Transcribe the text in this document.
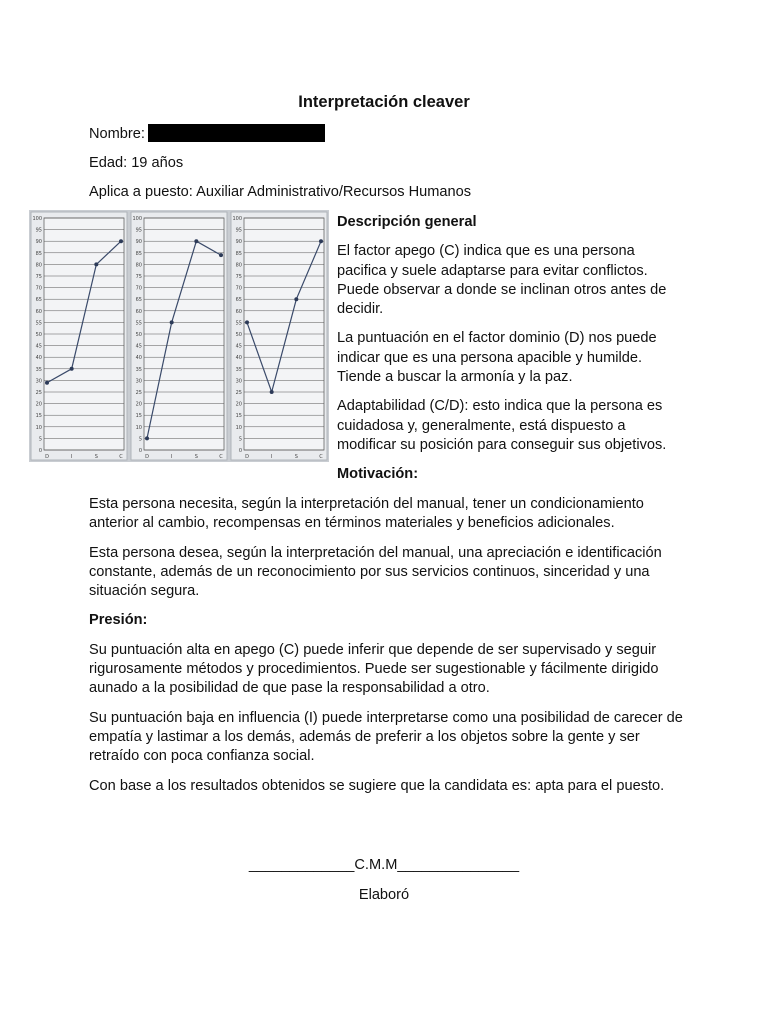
Interpretación cleaver
Nombre:
Edad: 19 años
Aplica a puesto: Auxiliar Administrativo/Recursos Humanos
0
5
10
15
20
25
30
35
40
45
50
55
60
65
70
75
80
85
90
95
100
D	I	S	C
0
5
10
15
20
25
30
35
40
45
50
55
60
65
70
75
80
85
90
95
100
D	I	S	C
0
5
10
15
20
25
30
35
40
45
50
55
60
65
70
75
80
85
90
95
100
D	I	S	C

Descripción general

El factor apego (C) indica que es una persona pacifica y suele adaptarse para evitar conflictos. Puede observar a donde se inclinan otros antes de decidir.

La puntuación en el factor dominio (D) nos puede indicar que es una persona apacible y humilde. Tiende a buscar la armonía y la paz.

Adaptabilidad (C/D): esto indica que la persona es cuidadosa y, generalmente, está dispuesto a modificar su posición para conseguir sus objetivos.

Motivación:

Esta persona necesita, según la interpretación del manual, tener un condicionamiento anterior al cambio, recompensas en términos materiales y beneficios adicionales.

Esta persona desea, según la interpretación del manual, una apreciación e identificación constante, además de un reconocimiento por sus servicios continuos, sinceridad y una situación segura.

Presión:

Su puntuación alta en apego (C) puede inferir que depende de ser supervisado y seguir rigurosamente métodos y procedimientos. Puede ser sugestionable y fácilmente dirigido aunado a la posibilidad de que pase la responsabilidad a otro.

Su puntuación baja en influencia (I) puede interpretarse como una posibilidad de carecer de empatía y lastimar a los demás, además de preferir a los objetos sobre la gente y ser retraído con poca confianza social.

Con base a los resultados obtenidos se sugiere que la candidata es: apta para el puesto.

_____________C.M.M_______________
Elaboró
